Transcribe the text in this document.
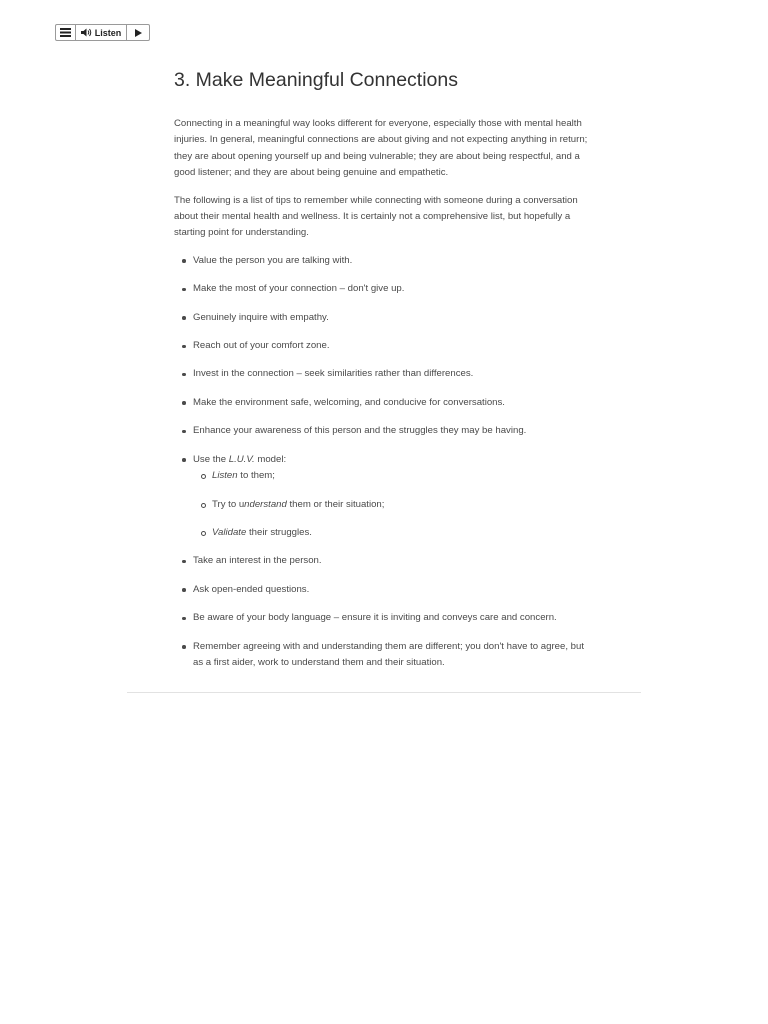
Listen
3. Make Meaningful Connections

Connecting in a meaningful way looks different for everyone, especially those with mental health injuries. In general, meaningful connections are about giving and not expecting anything in return; they are about opening yourself up and being vulnerable; they are about being respectful, and a good listener; and they are about being genuine and empathetic.

The following is a list of tips to remember while connecting with someone during a conversation about their mental health and wellness. It is certainly not a comprehensive list, but hopefully a starting point for understanding.

Value the person you are talking with.
Make the most of your connection – don't give up.
Genuinely inquire with empathy.
Reach out of your comfort zone.
Invest in the connection – seek similarities rather than differences.
Make the environment safe, welcoming, and conducive for conversations.
Enhance your awareness of this person and the struggles they may be having.
Use the L.U.V. model:
Listen to them;
Try to understand them or their situation;
Validate their struggles.
Take an interest in the person.
Ask open-ended questions.
Be aware of your body language – ensure it is inviting and conveys care and concern.
Remember agreeing with and understanding them are different; you don't have to agree, but as a first aider, work to understand them and their situation.
